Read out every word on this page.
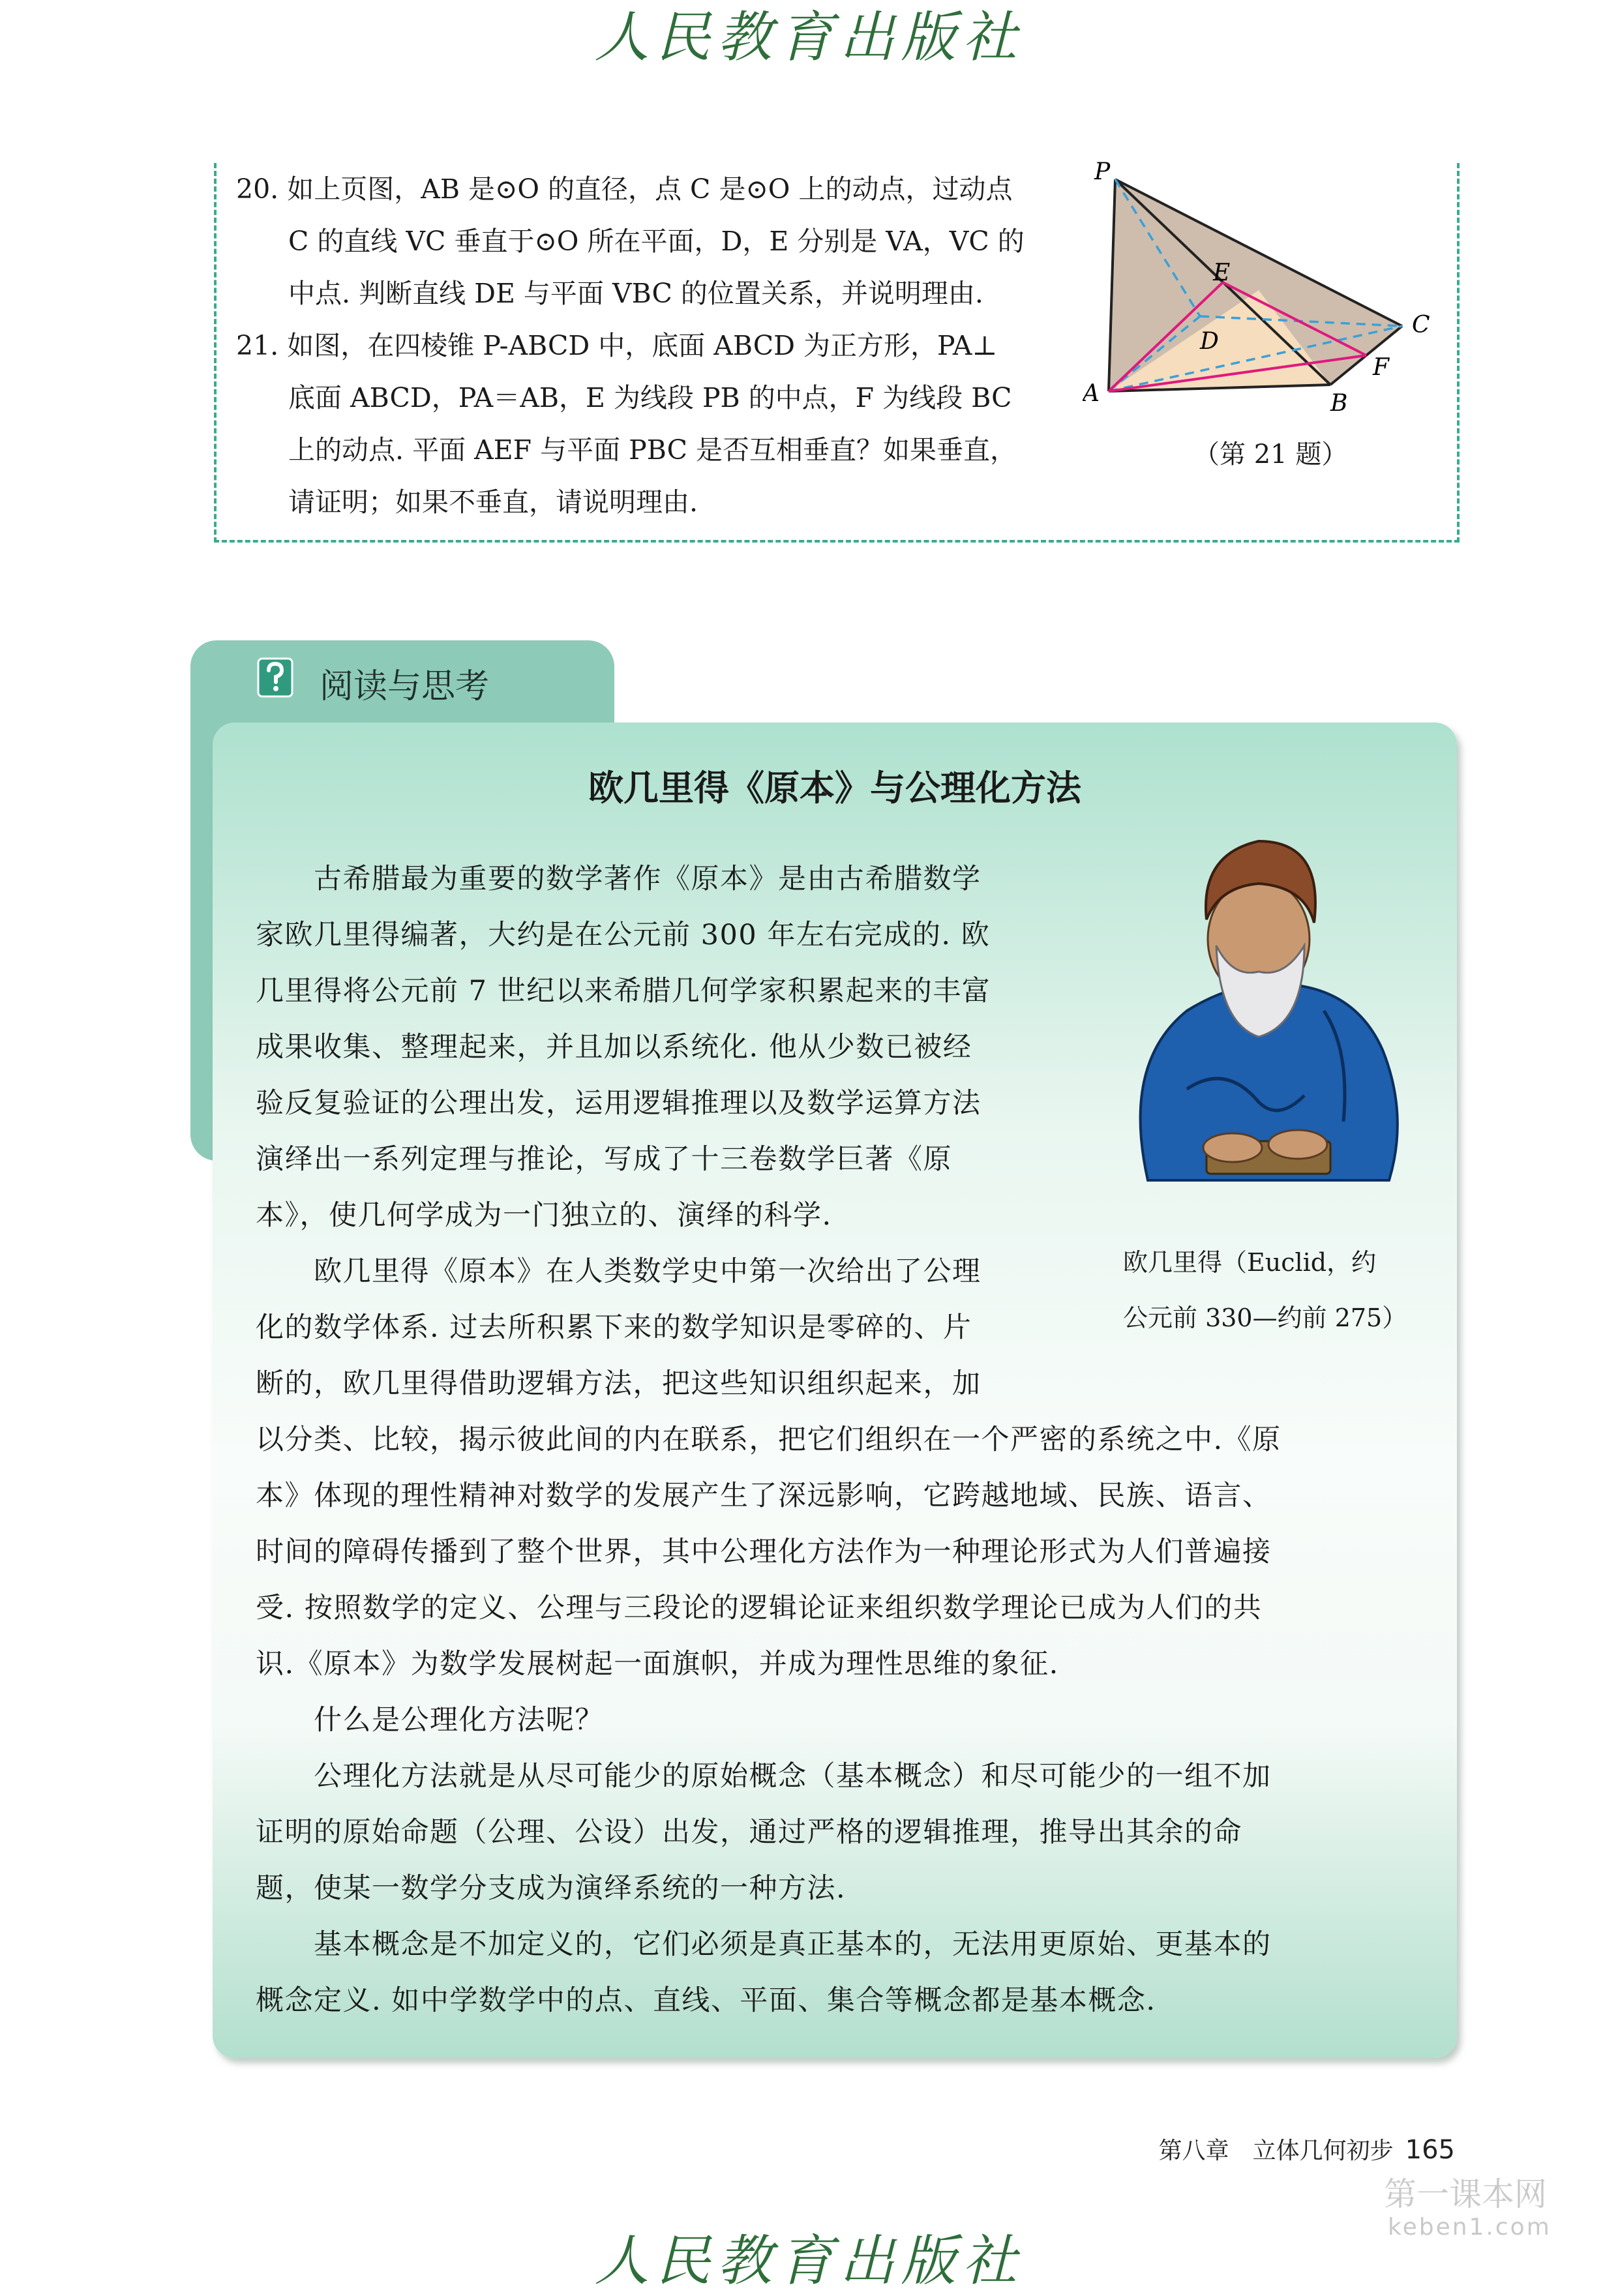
人民教育出版社
人民教育出版社
20. 如上页图，AB 是⊙O 的直径，点 C 是⊙O 上的动点，过动点
C 的直线 VC 垂直于⊙O 所在平面，D，E 分别是 VA，VC 的
中点. 判断直线 DE 与平面 VBC 的位置关系，并说明理由.
21. 如图，在四棱锥 P-ABCD 中，底面 ABCD 为正方形，PA⊥
底面 ABCD，PA＝AB，E 为线段 PB 的中点，F 为线段 BC
上的动点. 平面 AEF 与平面 PBC 是否互相垂直？如果垂直，
请证明；如果不垂直，请说明理由.
P
A	B
C
D
E
F
（第 21 题）
阅读与思考
欧几里得《原本》与公理化方法
欧几里得（Euclid，约
公元前 330—约前 275）
　　古希腊最为重要的数学著作《原本》是由古希腊数学
家欧几里得编著，大约是在公元前 300 年左右完成的. 欧
几里得将公元前 7 世纪以来希腊几何学家积累起来的丰富
成果收集、整理起来，并且加以系统化. 他从少数已被经
验反复验证的公理出发，运用逻辑推理以及数学运算方法
演绎出一系列定理与推论，写成了十三卷数学巨著《原
本》，使几何学成为一门独立的、演绎的科学.
　　欧几里得《原本》在人类数学史中第一次给出了公理
化的数学体系. 过去所积累下来的数学知识是零碎的、片
断的，欧几里得借助逻辑方法，把这些知识组织起来，加
以分类、比较，揭示彼此间的内在联系，把它们组织在一个严密的系统之中.《原
本》体现的理性精神对数学的发展产生了深远影响，它跨越地域、民族、语言、
时间的障碍传播到了整个世界，其中公理化方法作为一种理论形式为人们普遍接
受. 按照数学的定义、公理与三段论的逻辑论证来组织数学理论已成为人们的共
识.《原本》为数学发展树起一面旗帜，并成为理性思维的象征.
　　什么是公理化方法呢？
　　公理化方法就是从尽可能少的原始概念（基本概念）和尽可能少的一组不加
证明的原始命题（公理、公设）出发，通过严格的逻辑推理，推导出其余的命
题，使某一数学分支成为演绎系统的一种方法.
　　基本概念是不加定义的，它们必须是真正基本的，无法用更原始、更基本的
概念定义. 如中学数学中的点、直线、平面、集合等概念都是基本概念.
第八章　立体几何初步 165
第一课本网
keben1.com
